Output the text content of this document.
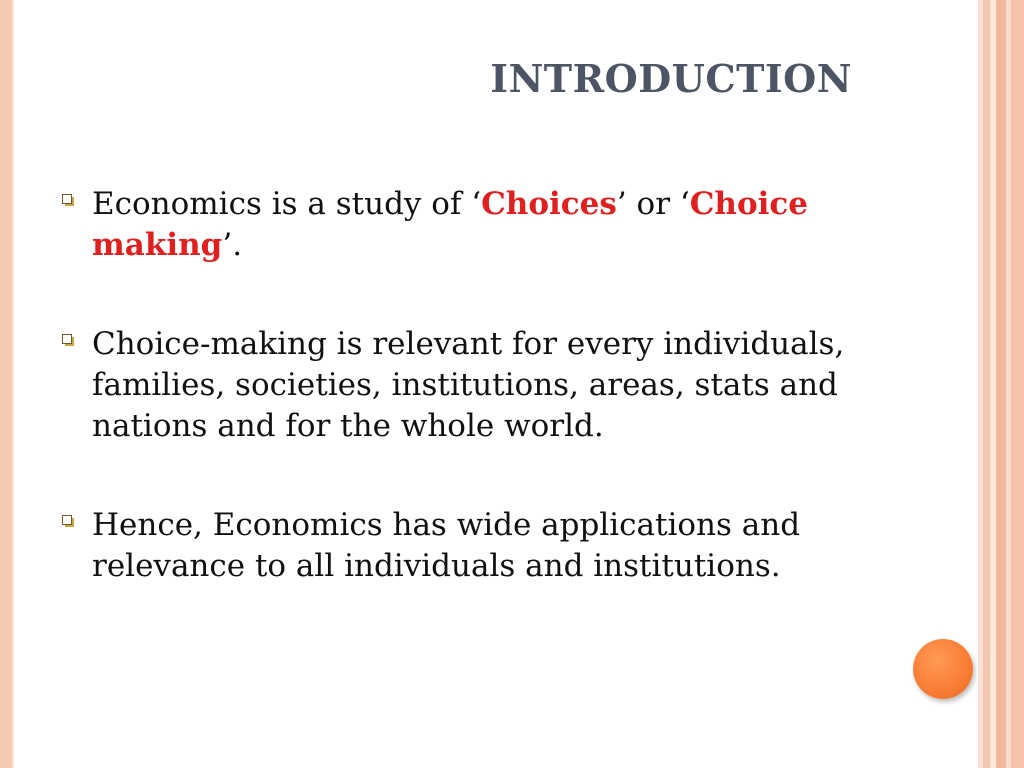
INTRODUCTION
Economics is a study of ‘Choices’ or ‘Choice making’.
Choice-making is relevant for every individuals, families, societies, institutions, areas, stats and nations and for the whole world.
Hence, Economics has wide applications and relevance to all individuals and institutions.
